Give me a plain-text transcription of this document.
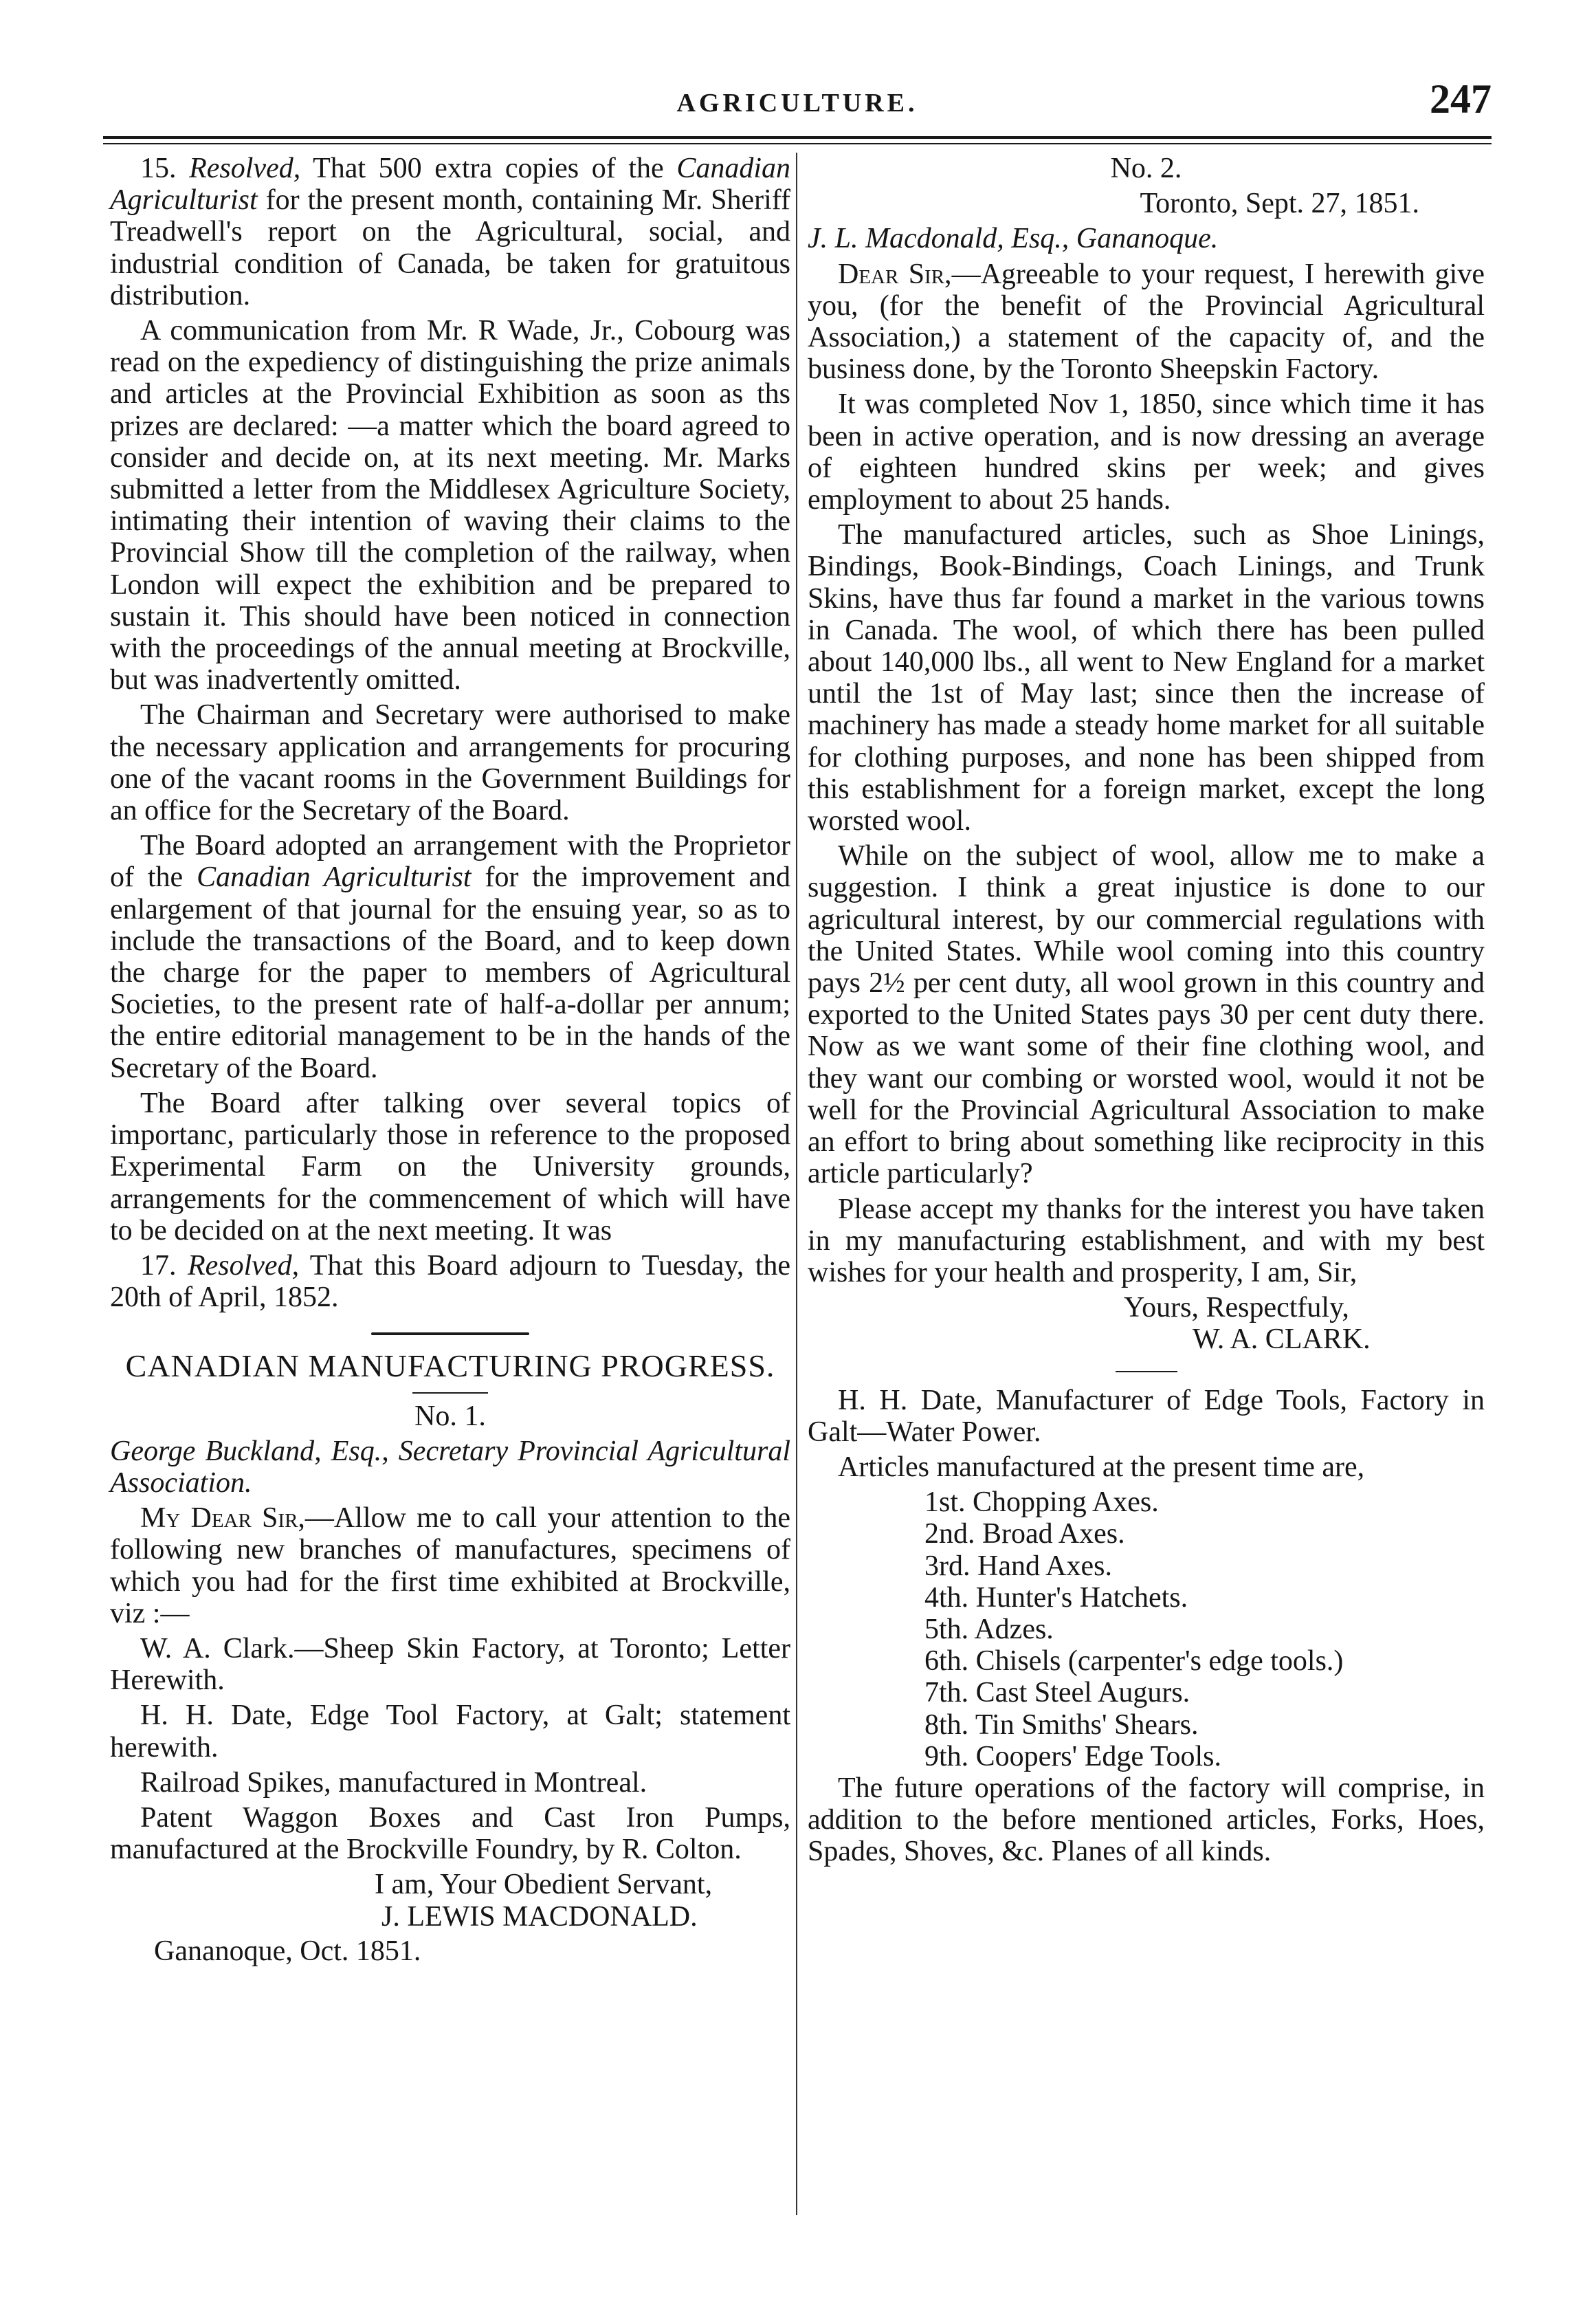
AGRICULTURE.	247

15. Resolved, That 500 extra copies of the Canadian Agriculturist for the present month, containing Mr. Sheriff Treadwell's report on the Agricultural, social, and industrial condition of Canada, be taken for gratuitous distribution.

A communication from Mr. R Wade, Jr., Cobourg was read on the expediency of distinguishing the prize animals and articles at the Provincial Exhibition as soon as ths prizes are declared: —a matter which the board agreed to consider and decide on, at its next meeting. Mr. Marks submitted a letter from the Middlesex Agriculture Society, intimating their intention of waving their claims to the Provincial Show till the completion of the railway, when London will expect the exhibition and be prepared to sustain it. This should have been noticed in connection with the proceedings of the annual meeting at Brockville, but was inadvertently omitted.

The Chairman and Secretary were authorised to make the necessary application and arrangements for procuring one of the vacant rooms in the Government Buildings for an office for the Secretary of the Board.

The Board adopted an arrangement with the Proprietor of the Canadian Agriculturist for the improvement and enlargement of that journal for the ensuing year, so as to include the transactions of the Board, and to keep down the charge for the paper to members of Agricultural Societies, to the present rate of half-a-dollar per annum; the entire editorial management to be in the hands of the Secretary of the Board.

The Board after talking over several topics of importanc, particularly those in reference to the proposed Experimental Farm on the University grounds, arrangements for the commencement of which will have to be decided on at the next meeting. It was

17. Resolved, That this Board adjourn to Tuesday, the 20th of April, 1852.

CANADIAN MANUFACTURING PROGRESS.

No. 1.

George Buckland, Esq., Secretary Provincial Agricultural Association.

My Dear Sir,—Allow me to call your attention to the following new branches of manufactures, specimens of which you had for the first time exhibited at Brockville, viz :—

W. A. Clark.—Sheep Skin Factory, at Toronto; Letter Herewith.

H. H. Date, Edge Tool Factory, at Galt; statement herewith.

Railroad Spikes, manufactured in Montreal.

Patent Waggon Boxes and Cast Iron Pumps, manufactured at the Brockville Foundry, by R. Colton.

I am, Your Obedient Servant,

J. LEWIS MACDONALD.

Gananoque, Oct. 1851.

No. 2.

Toronto, Sept. 27, 1851.

J. L. Macdonald, Esq., Gananoque.

Dear Sir,—Agreeable to your request, I herewith give you, (for the benefit of the Provincial Agricultural Association,) a statement of the capacity of, and the business done, by the Toronto Sheepskin Factory.

It was completed Nov 1, 1850, since which time it has been in active operation, and is now dressing an average of eighteen hundred skins per week; and gives employment to about 25 hands.

The manufactured articles, such as Shoe Linings, Bindings, Book-Bindings, Coach Linings, and Trunk Skins, have thus far found a market in the various towns in Canada. The wool, of which there has been pulled about 140,000 lbs., all went to New England for a market until the 1st of May last; since then the increase of machinery has made a steady home market for all suitable for clothing purposes, and none has been shipped from this establishment for a foreign market, except the long worsted wool.

While on the subject of wool, allow me to make a suggestion. I think a great injustice is done to our agricultural interest, by our commercial regulations with the United States. While wool coming into this country pays 2½ per cent duty, all wool grown in this country and exported to the United States pays 30 per cent duty there. Now as we want some of their fine clothing wool, and they want our combing or worsted wool, would it not be well for the Provincial Agricultural Association to make an effort to bring about something like reciprocity in this article particularly?

Please accept my thanks for the interest you have taken in my manufacturing establishment, and with my best wishes for your health and prosperity, I am, Sir,

Yours, Respectfuly,

W. A. CLARK.

H. H. Date, Manufacturer of Edge Tools, Factory in Galt—Water Power.

Articles manufactured at the present time are,

1st. Chopping Axes.
2nd. Broad Axes.
3rd. Hand Axes.
4th. Hunter's Hatchets.
5th. Adzes.
6th. Chisels (carpenter's edge tools.)
7th. Cast Steel Augurs.
8th. Tin Smiths' Shears.
9th. Coopers' Edge Tools.

The future operations of the factory will comprise, in addition to the before mentioned articles, Forks, Hoes, Spades, Shoves, &c. Planes of all kinds.
